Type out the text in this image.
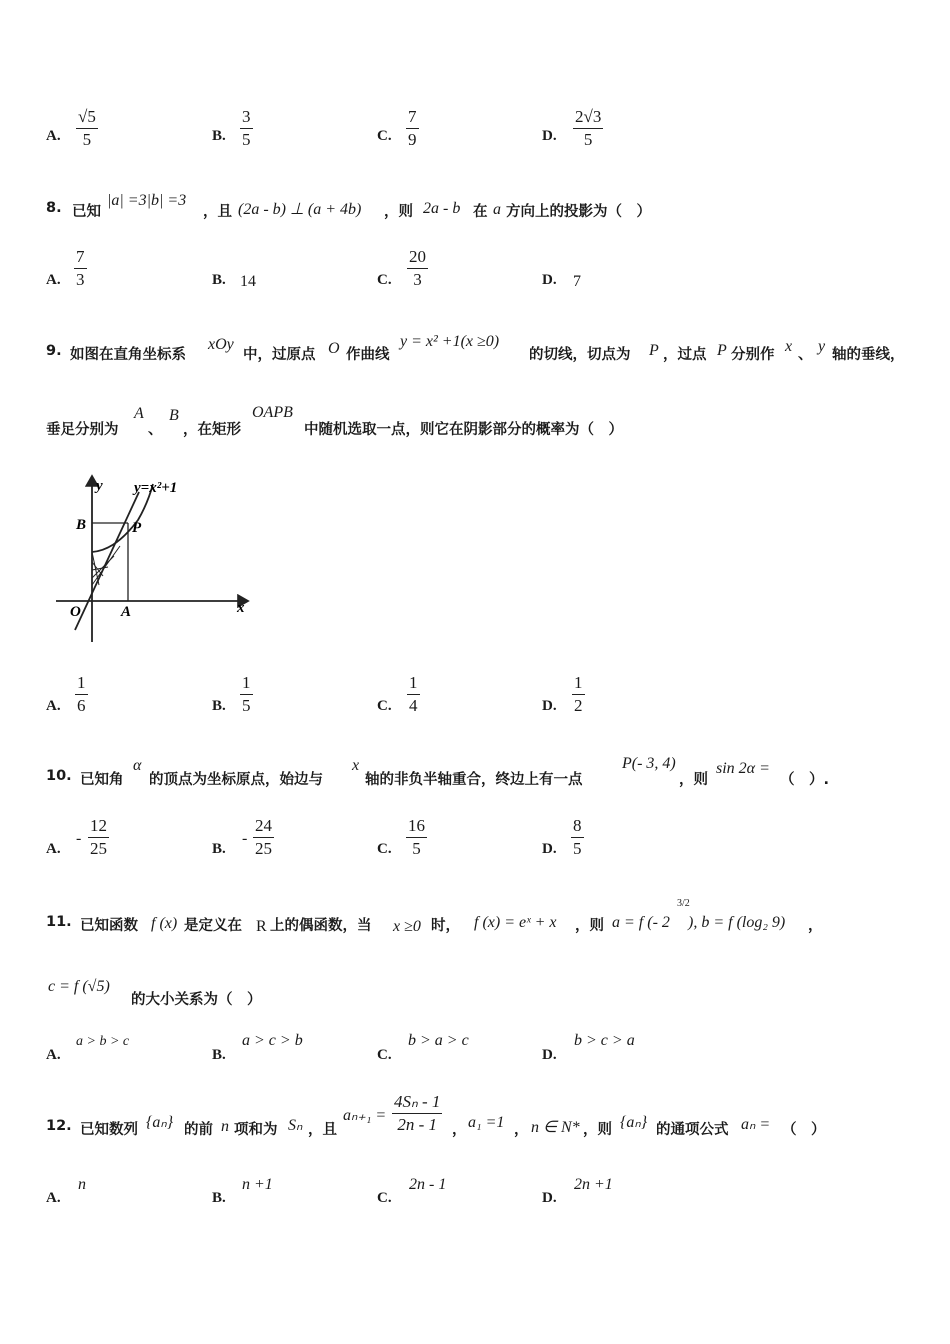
A.
√5
5	B.
3
5	C.
7
9	D.
2√3
5
8. 已知
|a| =3|b| =3
，且 (2a - b) ⊥ (a + 4b) ，则 2a - b 在 a 方向上的投影为（　）
A.
7
3	B. 14	C.
20
3	D. 7
9. 如图在直角坐标系
xOy
中，过原点 O 作曲线
y = x² +1(x ≥0)
的切线，切点为 P ，过点 P 分别作 x 、 y 轴的垂线，
垂足分别为
A
、
B
，在矩形
OAPB
中随机选取一点，则它在阴影部分的概率为（　）
y y=x²+1
B	P
O	A	x
A.
1
6	B.
1
5	C.
1
4	D.
1
2
10. 已知角
α
的顶点为坐标原点，始边与
x
轴的非负半轴重合，终边上有一点
P(- 3, 4)
，则
sin 2α =
（　）.
A.
-
12
25	B.
-
24
25	C.
16
5	D.
8
5
11. 已知函数 f (x) 是定义在 R 上的偶函数，当 x ≥0 时， f (x) = eˣ + x ，则 a = f (- 2
3/2
), b = f (log₂ 9) ，
c = f (√5)
的大小关系为（　）
A.
a > b > c
B.
a > c > b
C.
b > a > c
D.
b > c > a
12. 已知数列 {aₙ} 的前 n 项和为 Sₙ ，且
aₙ₊₁ =
4Sₙ - 1
2n - 1 ， a₁ =1 ， n ∈ N* ，则 {aₙ} 的通项公式 aₙ = （　）
A.
n
B.
n +1
C.
2n - 1
D.
2n +1
